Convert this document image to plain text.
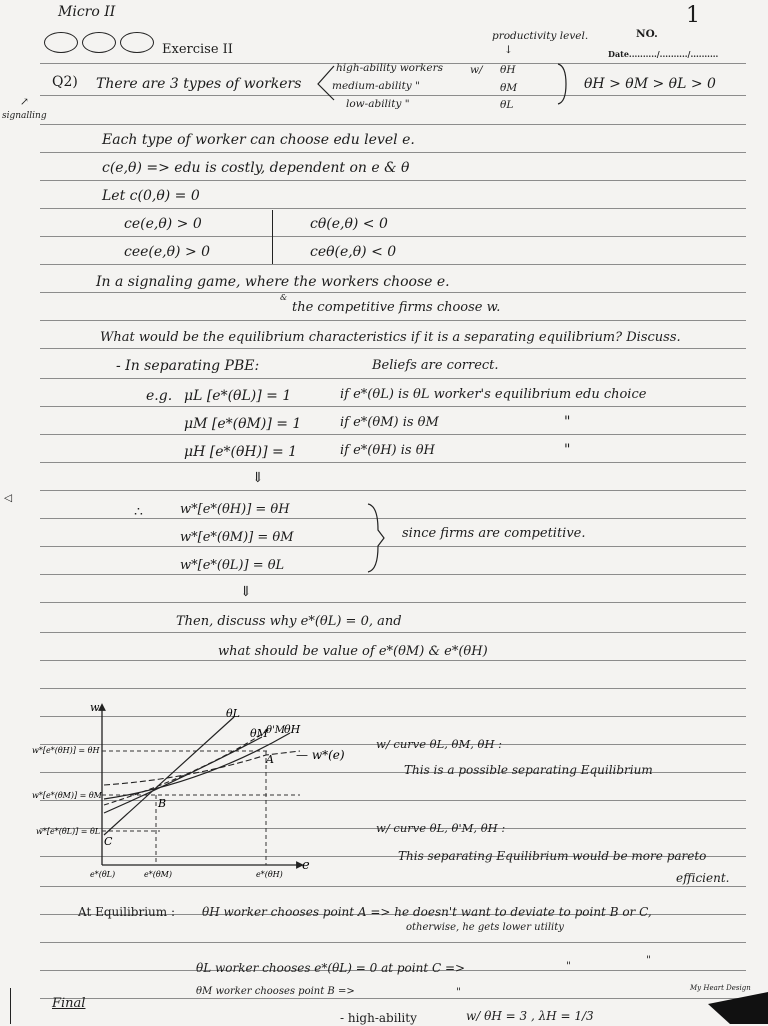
Micro II	1
Exercise II
productivity level.	NO.
Date........../........../..........
↓
Q2) There are 3 types of workers
signalling
↗
high-ability workers	w/ θH
medium-ability "	θM
low-ability "	θL
θH > θM > θL > 0
Each type of worker can choose edu level e.
c(e,θ) => edu is costly, dependent on e & θ
Let c(0,θ) = 0
ce(e,θ) > 0	cθ(e,θ) < 0
cee(e,θ) > 0	ceθ(e,θ) < 0
In a signaling game, where the workers choose e.
&
the competitive firms choose w.
What would be the equilibrium characteristics if it is a separating equilibrium? Discuss.
- In separating PBE:	Beliefs are correct.
e.g. μL [e*(θL)] = 1	if e*(θL) is θL worker's equilibrium edu choice
μM [e*(θM)] = 1	if e*(θM) is θM	"
μH [e*(θH)] = 1	if e*(θH) is θH	"
⇓
∴	w*[e*(θH)] = θH
w*[e*(θM)] = θM
w*[e*(θL)] = θL
since firms are competitive.
⇓
Then, discuss why e*(θL) = 0, and
what should be value of e*(θM) & e*(θH)
◁
w
e
θL
θM
θ'M
θH
— w*(e)
w*[e*(θH)] = θH
w*[e*(θM)] = θM
w*[e*(θL)] = θL
e*(θL)	e*(θM)	e*(θH)
A
B
C
w/ curve θL, θM, θH :
This is a possible separating Equilibrium
w/ curve θL, θ'M, θH :
This separating Equilibrium would be more pareto
efficient.
At Equilibrium : θH worker chooses point A => he doesn't want to deviate to point B or C,
otherwise, he gets lower utility
θL worker chooses e*(θL) = 0 at point C =>	"	"
θM worker chooses point B =>	"	My Heart Design
Final
- high-ability	w/ θH = 3 , λH = 1/3
